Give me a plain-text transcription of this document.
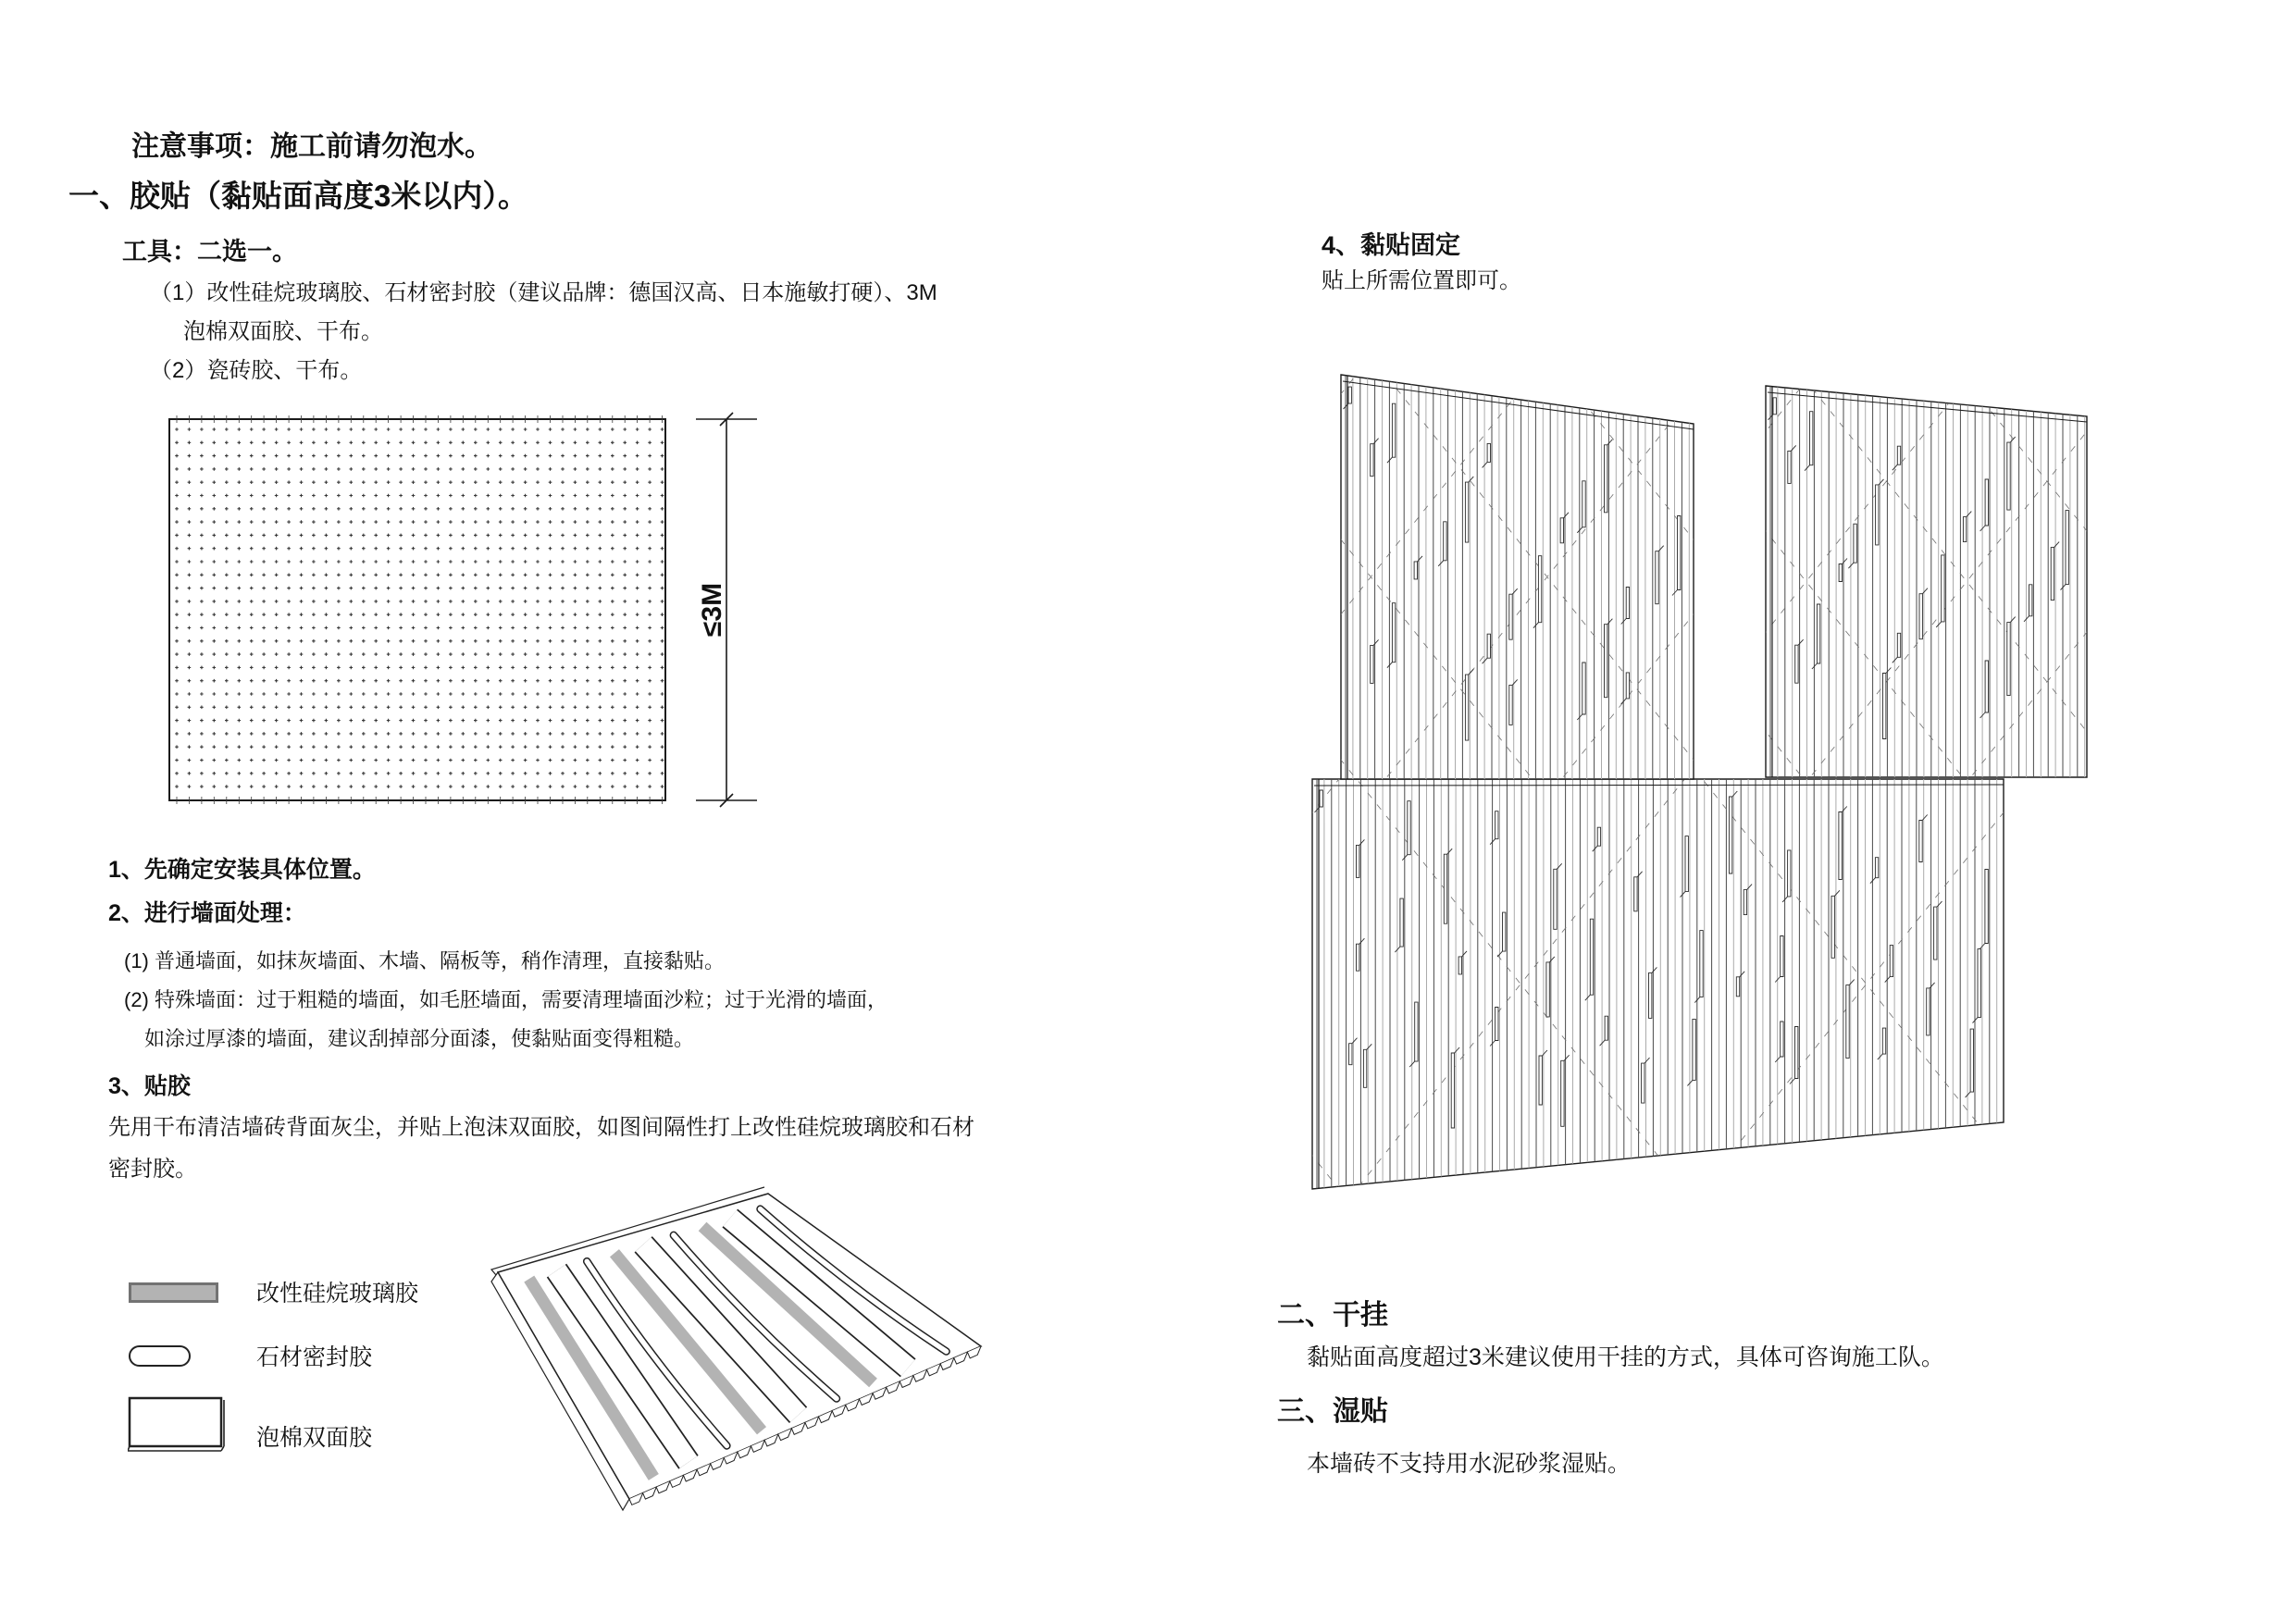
注意事项：施工前请勿泡水。
一、胶贴（黏贴面高度3米以内）。
工具：二选一。
（1）改性硅烷玻璃胶、石材密封胶（建议品牌：德国汉高、日本施敏打硬）、3M
泡棉双面胶、干布。
（2）瓷砖胶、干布。
≤3M
1、先确定安装具体位置。
2、进行墙面处理：
(1) 普通墙面，如抹灰墙面、木墙、隔板等，稍作清理，直接黏贴。
(2) 特殊墙面：过于粗糙的墙面，如毛胚墙面，需要清理墙面沙粒；过于光滑的墙面，
如涂过厚漆的墙面，建议刮掉部分面漆，使黏贴面变得粗糙。
3、贴胶
先用干布清洁墙砖背面灰尘，并贴上泡沫双面胶，如图间隔性打上改性硅烷玻璃胶和石材
密封胶。
改性硅烷玻璃胶
石材密封胶
泡棉双面胶
4、黏贴固定
贴上所需位置即可。
二、干挂
黏贴面高度超过3米建议使用干挂的方式，具体可咨询施工队。
三、湿贴
本墙砖不支持用水泥砂浆湿贴。
